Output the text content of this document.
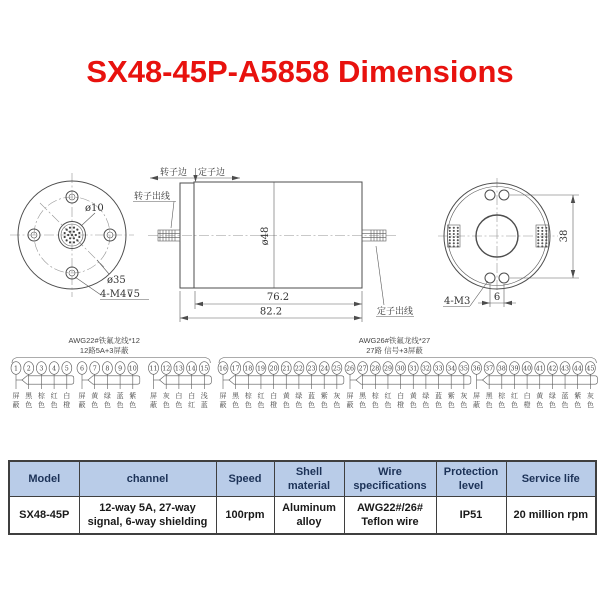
SX48-45P-A5858 Dimensions
ø10
ø35
4-M4⊽5
转子边 定子边
转子出线
ø48
76.2
82.2	定子出线
38
6
4-M3
AWG22#铁氟龙线*12
12路5A+3屏蔽
1
屏
蔽
2
黑
色
3
棕
色
4
红
色
5
白
橙
6
屏
蔽
7
黄
色
8
绿
色
9
蓝
色
10
紫
色
11
屏
蔽
12
灰
色
13
白
色
14
白
红
15
浅
蓝
AWG26#铁氟龙线*27
27路 信号+3屏蔽
16
屏
蔽
17
黑
色
18
棕
色
19
红
色
20
白
橙
21
黄
色
22
绿
色
23
蓝
色
24
紫
色
25
灰
色
26
屏
蔽
27
黑
色
28
棕
色
29
红
色
30
白
橙
31
黄
色
32
绿
色
33
蓝
色
34
紫
色
35
灰
色
36
屏
蔽
37
黑
色
38
棕
色
39
红
色
40
白
橙
41
黄
色
42
绿
色
43
蓝
色
44
紫
色
45
灰
色
Model	channel	Speed	Shell material	Wire specifications	Protection level	Service life
SX48-45P	12-way 5A, 27-way signal, 6-way shielding	100rpm	Aluminum alloy	AWG22#/26# Teflon wire	IP51	20 million rpm
